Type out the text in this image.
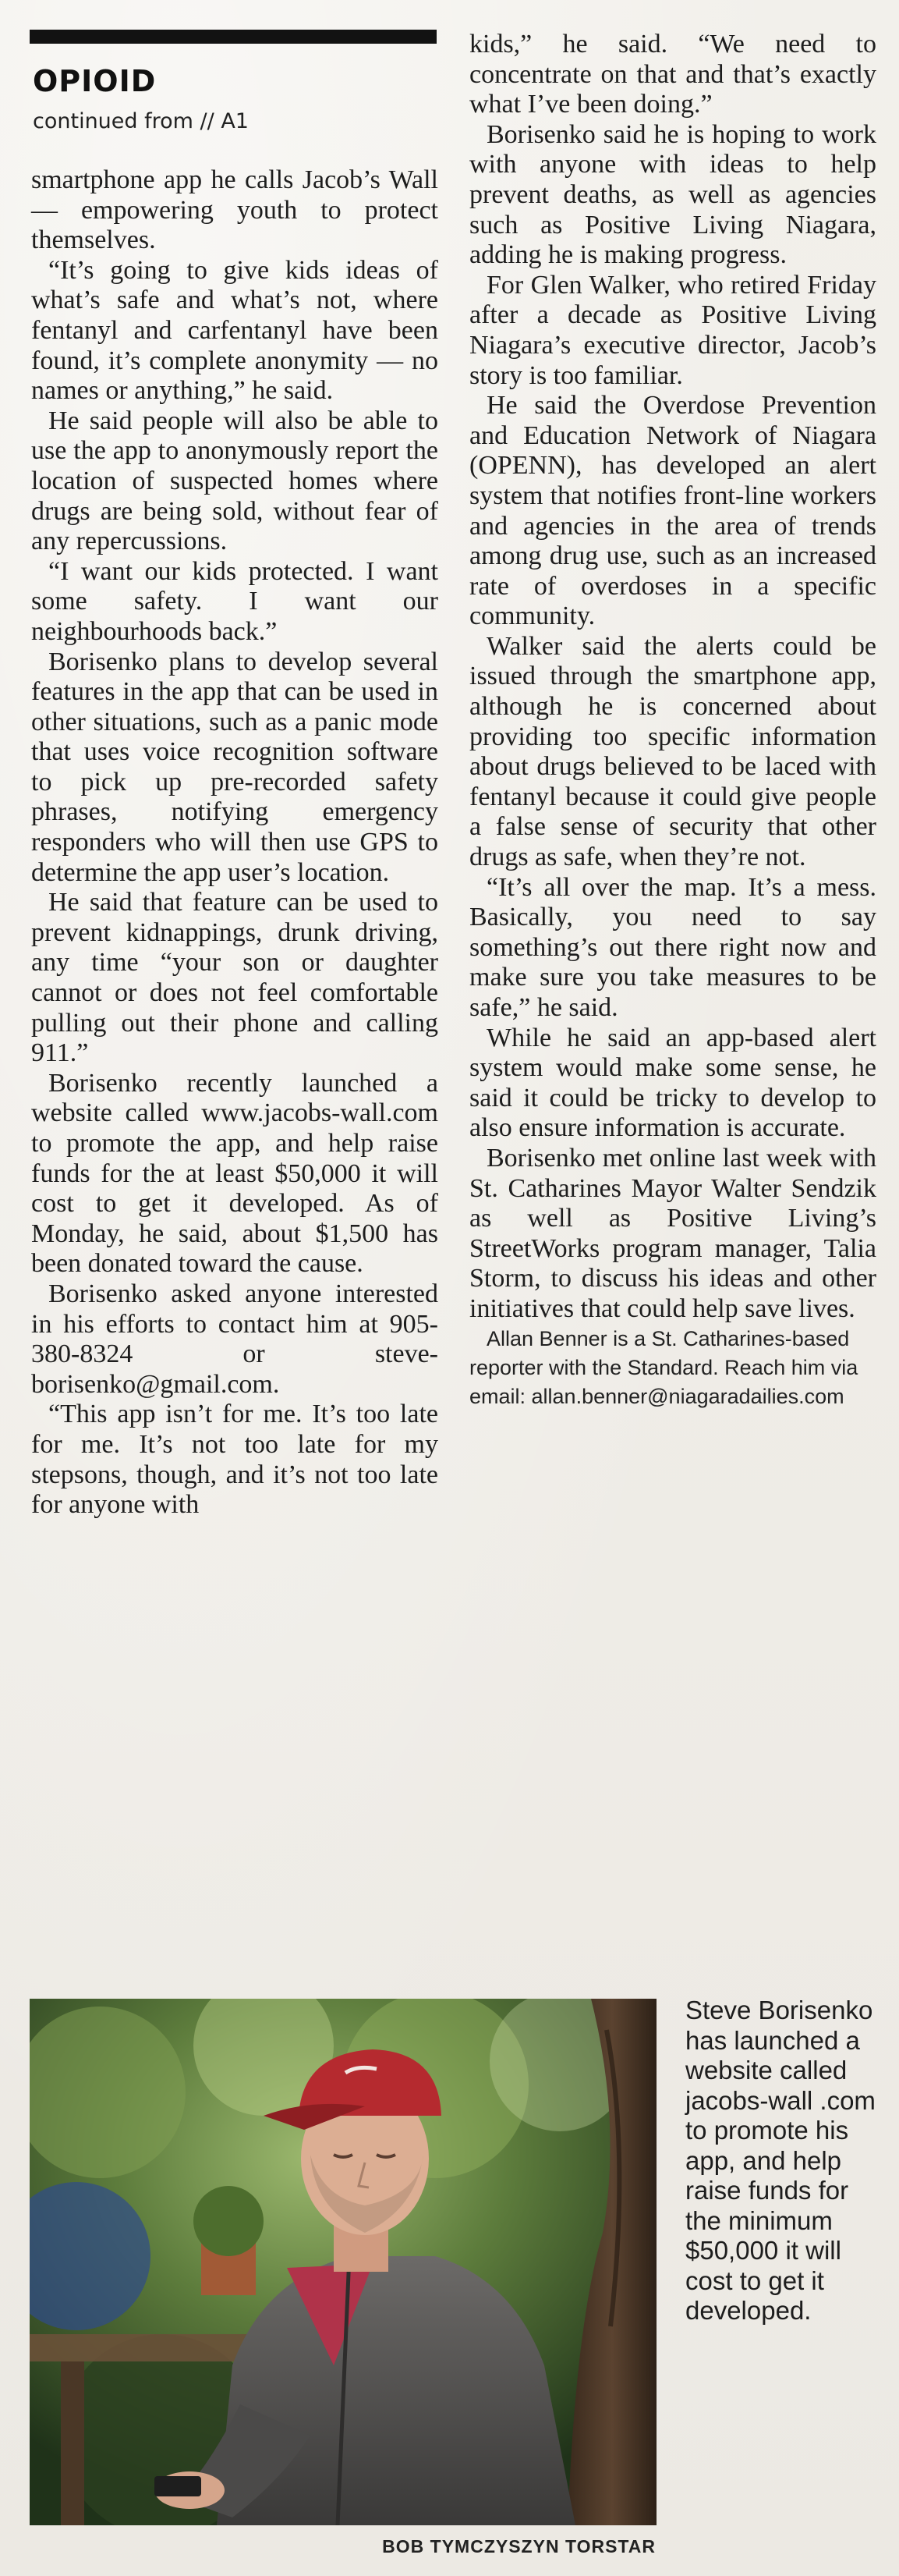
OPIOID
continued from // A1

smartphone app he calls Jacob’s Wall — empowering youth to protect themselves.

“It’s going to give kids ideas of what’s safe and what’s not, where fentanyl and carfentanyl have been found, it’s complete anonymity — no names or anything,” he said.

He said people will also be able to use the app to anonymously report the location of suspected homes where drugs are being sold, without fear of any repercussions.

“I want our kids protected. I want some safety. I want our neighbourhoods back.”

Borisenko plans to develop several features in the app that can be used in other situations, such as a panic mode that uses voice recognition software to pick up pre-recorded safety phrases, notifying emergency responders who will then use GPS to determine the app user’s location.

He said that feature can be used to prevent kidnappings, drunk driving, any time “your son or daughter cannot or does not feel comfortable pulling out their phone and calling 911.”

Borisenko recently launched a website called www.jacobs-wall.com to promote the app, and help raise funds for the at least $50,000 it will cost to get it developed. As of Monday, he said, about $1,500 has been donated toward the cause.

Borisenko asked anyone interested in his efforts to contact him at 905-380-8324 or steve-borisenko@gmail.com.

“This app isn’t for me. It’s too late for me. It’s not too late for my stepsons, though, and it’s not too late for anyone with

kids,” he said. “We need to concentrate on that and that’s exactly what I’ve been doing.”

Borisenko said he is hoping to work with anyone with ideas to help prevent deaths, as well as agencies such as Positive Living Niagara, adding he is making progress.

For Glen Walker, who retired Friday after a decade as Positive Living Niagara’s executive director, Jacob’s story is too familiar.

He said the Overdose Prevention and Education Network of Niagara (OPENN), has developed an alert system that notifies front-line workers and agencies in the area of trends among drug use, such as an increased rate of overdoses in a specific community.

Walker said the alerts could be issued through the smartphone app, although he is concerned about providing too specific information about drugs believed to be laced with fentanyl because it could give people a false sense of security that other drugs as safe, when they’re not.

“It’s all over the map. It’s a mess. Basically, you need to say something’s out there right now and make sure you take measures to be safe,” he said.

While he said an app-based alert system would make some sense, he said it could be tricky to develop to also ensure information is accurate.

Borisenko met online last week with St. Catharines Mayor Walter Sendzik as well as Positive Living’s StreetWorks program manager, Talia Storm, to discuss his ideas and other initiatives that could help save lives.

Allan Benner is a St. Catharines-based reporter with the Standard. Reach him via email: allan.benner@niagaradailies.com

Steve Borisenko has launched a website called jacobs-wall .com to promote his app, and help raise funds for the minimum $50,000 it will cost to get it developed.
BOB TYMCZYSZYN TORSTAR
